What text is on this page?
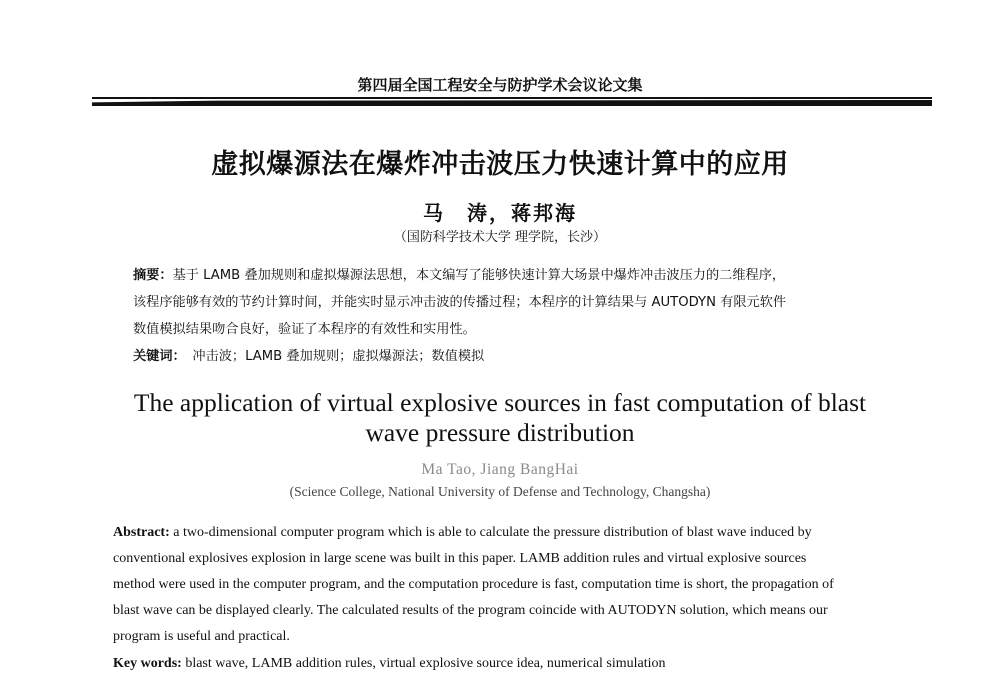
第四届全国工程安全与防护学术会议论文集
虚拟爆源法在爆炸冲击波压力快速计算中的应用
马　涛，蒋邦海
（国防科学技术大学 理学院，长沙）
摘要：基于 LAMB 叠加规则和虚拟爆源法思想，本文编写了能够快速计算大场景中爆炸冲击波压力的二维程序，
该程序能够有效的节约计算时间，并能实时显示冲击波的传播过程；本程序的计算结果与 AUTODYN 有限元软件
数值模拟结果吻合良好，验证了本程序的有效性和实用性。
关键词：　 冲击波；LAMB 叠加规则；虚拟爆源法；数值模拟
The application of virtual explosive sources in fast computation of blast
wave pressure distribution
Ma Tao, Jiang BangHai
(Science College, National University of Defense and Technology, Changsha)
Abstract: a two-dimensional computer program which is able to calculate the pressure distribution of blast wave induced by
conventional explosives explosion in large scene was built in this paper. LAMB addition rules and virtual explosive sources
method were used in the computer program, and the computation procedure is fast, computation time is short, the propagation of
blast wave can be displayed clearly. The calculated results of the program coincide with AUTODYN solution, which means our
program is useful and practical.
Key words: blast wave, LAMB addition rules, virtual explosive source idea, numerical simulation
